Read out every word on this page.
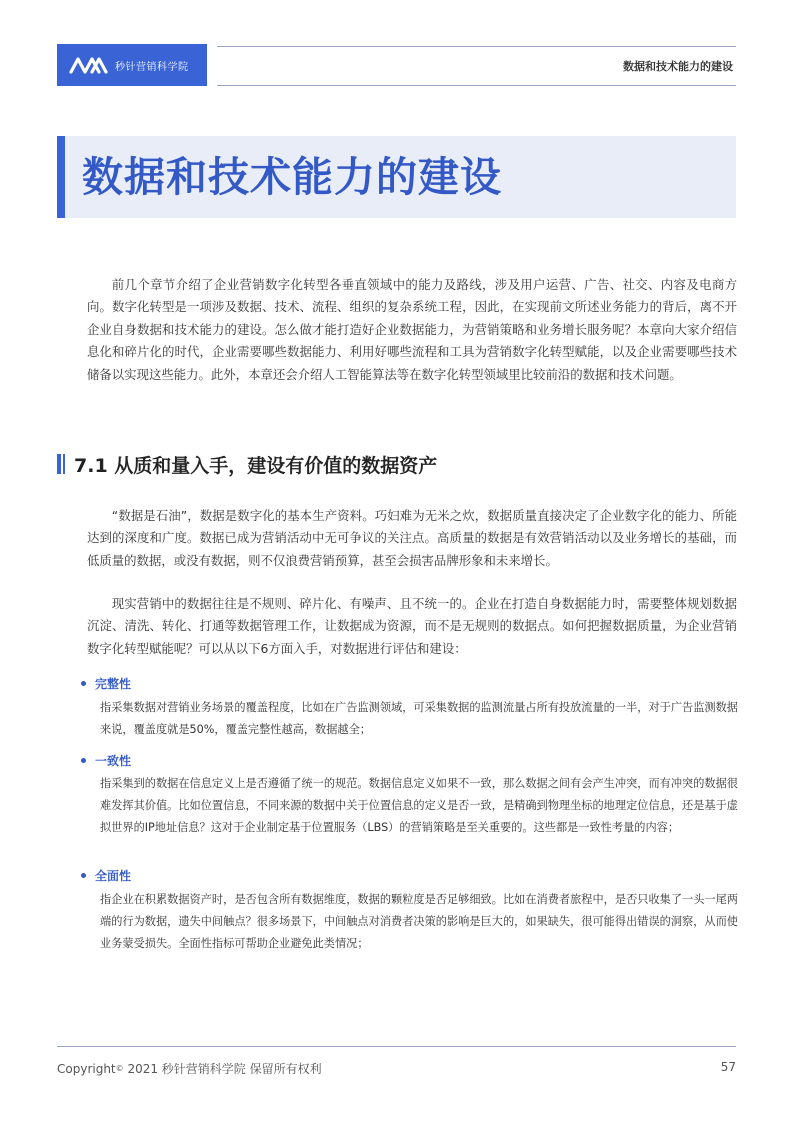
秒针营销科学院	数据和技术能力的建设
数据和技术能力的建设

前几个章节介绍了企业营销数字化转型各垂直领域中的能力及路线，涉及用户运营、广告、社交、内容及电商方向。数字化转型是一项涉及数据、技术、流程、组织的复杂系统工程，因此，在实现前文所述业务能力的背后，离不开企业自身数据和技术能力的建设。怎么做才能打造好企业数据能力，为营销策略和业务增长服务呢？本章向大家介绍信息化和碎片化的时代，企业需要哪些数据能力、利用好哪些流程和工具为营销数字化转型赋能，以及企业需要哪些技术储备以实现这些能力。此外，本章还会介绍人工智能算法等在数字化转型领域里比较前沿的数据和技术问题。

7.1 从质和量入手，建设有价值的数据资产

“数据是石油”，数据是数字化的基本生产资料。巧妇难为无米之炊，数据质量直接决定了企业数字化的能力、所能达到的深度和广度。数据已成为营销活动中无可争议的关注点。高质量的数据是有效营销活动以及业务增长的基础，而低质量的数据，或没有数据，则不仅浪费营销预算，甚至会损害品牌形象和未来增长。

现实营销中的数据往往是不规则、碎片化、有噪声、且不统一的。企业在打造自身数据能力时，需要整体规划数据沉淀、清洗、转化、打通等数据管理工作，让数据成为资源，而不是无规则的数据点。如何把握数据质量，为企业营销数字化转型赋能呢？可以从以下6方面入手，对数据进行评估和建设：

完整性

指采集数据对营销业务场景的覆盖程度，比如在广告监测领域，可采集数据的监测流量占所有投放流量的一半，对于广告监测数据来说，覆盖度就是50%，覆盖完整性越高，数据越全；

一致性

指采集到的数据在信息定义上是否遵循了统一的规范。数据信息定义如果不一致，那么数据之间有会产生冲突，而有冲突的数据很难发挥其价值。比如位置信息，不同来源的数据中关于位置信息的定义是否一致，是精确到物理坐标的地理定位信息，还是基于虚拟世界的IP地址信息？这对于企业制定基于位置服务（LBS）的营销策略是至关重要的。这些都是一致性考量的内容；

全面性

指企业在积累数据资产时，是否包含所有数据维度，数据的颗粒度是否足够细致。比如在消费者旅程中，是否只收集了一头一尾两端的行为数据，遗失中间触点？很多场景下，中间触点对消费者决策的影响是巨大的，如果缺失，很可能得出错误的洞察，从而使业务蒙受损失。全面性指标可帮助企业避免此类情况；

Copyright© 2021 秒针营销科学院 保留所有权利	57
